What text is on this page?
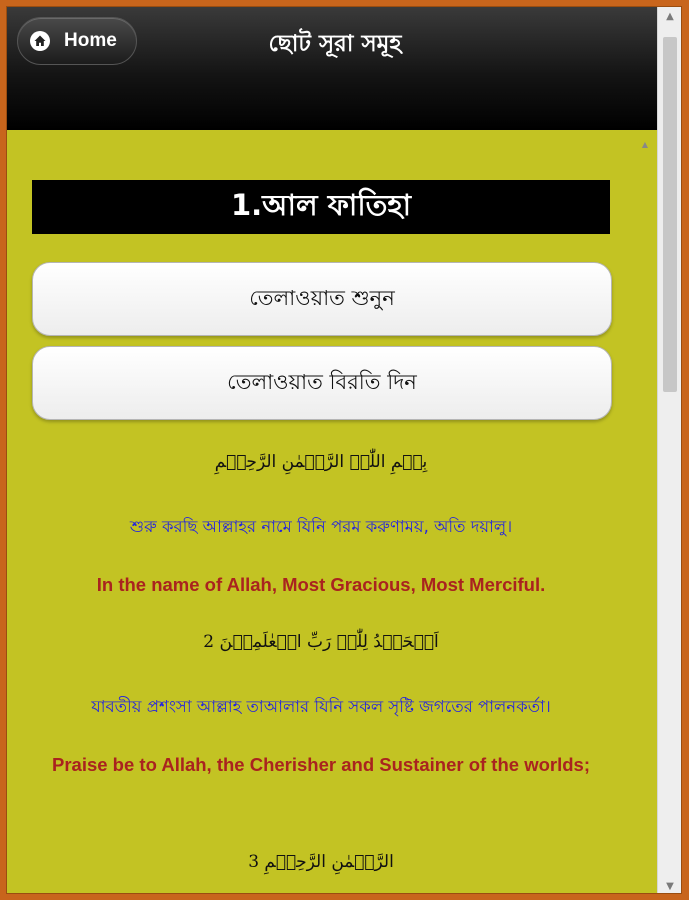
Home	ছোট সূরা সমূহ
1.আল ফাতিহা
তেলাওয়াত শুনুন
তেলাওয়াত বিরতি দিন
بِسۡمِ اللّٰہِ الرَّحۡمٰنِ الرَّحِیۡمِ
শুরু করছি আল্লাহর নামে যিনি পরম করুণাময়, অতি দয়ালু।
In the name of Allah, Most Gracious, Most Merciful.
اَلۡحَمۡدُ لِلّٰہِ رَبِّ الۡعٰلَمِیۡنَ 2
যাবতীয় প্রশংসা আল্লাহ তাআলার যিনি সকল সৃষ্টি জগতের পালনকর্তা।
Praise be to Allah, the Cherisher and Sustainer of the worlds;
الرَّحۡمٰنِ الرَّحِیۡمِ 3
▲
▲
▼
